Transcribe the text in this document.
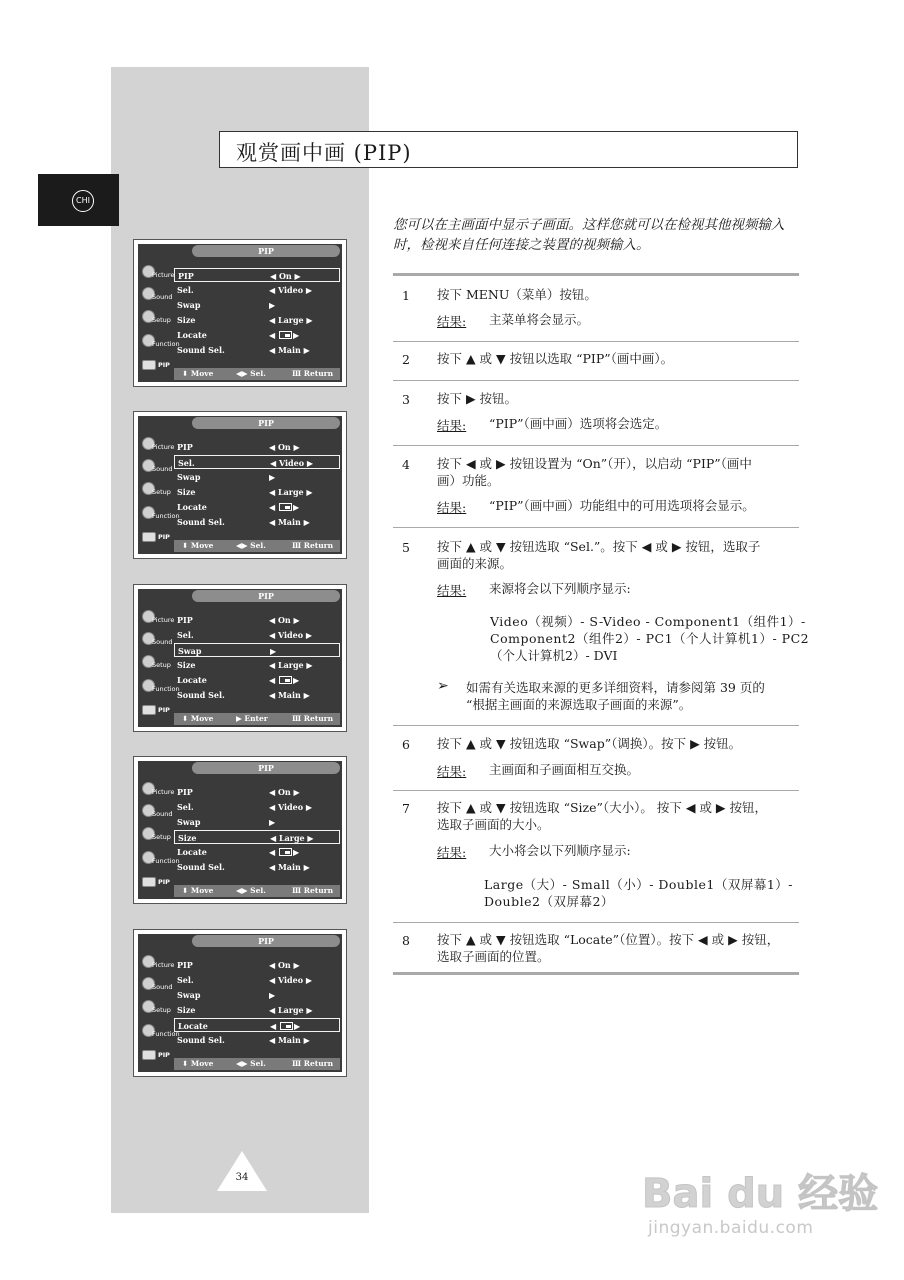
CHI
观赏画中画 (PIP)
PIP
Picture
Sound
Setup
Function
PIP
PIP	◀ On ▶
Sel.	◀ Video ▶
Swap	▶
Size	◀ Large ▶
Locate	◀ ▶
Sound Sel.	◀ Main ▶
⬍ Move	◀▶ Sel.	Ⅲ Return
PIP
Picture
Sound
Setup
Function
PIP
PIP	◀ On ▶
Sel.	◀ Video ▶
Swap	▶
Size	◀ Large ▶
Locate	◀ ▶
Sound Sel.	◀ Main ▶
⬍ Move	◀▶ Sel.	Ⅲ Return
PIP
Picture
Sound
Setup
Function
PIP
PIP	◀ On ▶
Sel.	◀ Video ▶
Swap	▶
Size	◀ Large ▶
Locate	◀ ▶
Sound Sel.	◀ Main ▶
⬍ Move	▶ Enter	Ⅲ Return
PIP
Picture
Sound
Setup
Function
PIP
PIP	◀ On ▶
Sel.	◀ Video ▶
Swap	▶
Size	◀ Large ▶
Locate	◀ ▶
Sound Sel.	◀ Main ▶
⬍ Move	◀▶ Sel.	Ⅲ Return
PIP
Picture
Sound
Setup
Function
PIP
PIP	◀ On ▶
Sel.	◀ Video ▶
Swap	▶
Size	◀ Large ▶
Locate	◀ ▶
Sound Sel.	◀ Main ▶
⬍ Move	◀▶ Sel.	Ⅲ Return
您可以在主画面中显示子画面。这样您就可以在检视其他视频输入时，检视来自任何连接之装置的视频输入。
1 按下 MENU（菜单）按钮。
结果: 主菜单将会显示。
2 按下 ▲ 或 ▼ 按钮以选取 “PIP”（画中画）。
3 按下 ▶ 按钮。
结果: “PIP”（画中画）选项将会选定。
4 按下 ◀ 或 ▶ 按钮设置为 “On”（开），以启动 “PIP”（画中
画）功能。
结果: “PIP”（画中画）功能组中的可用选项将会显示。
5 按下 ▲ 或 ▼ 按钮选取 “Sel.”。按下 ◀ 或 ▶ 按钮，选取子
画面的来源。
结果: 来源将会以下列顺序显示:
Video（视频）- S-Video - Component1（组件1）-
Component2（组件2）- PC1（个人计算机1）- PC2
（个人计算机2）- DVI
➢ 如需有关选取来源的更多详细资料，请参阅第 39 页的
“根据主画面的来源选取子画面的来源”。
6 按下 ▲ 或 ▼ 按钮选取 “Swap”（调换）。按下 ▶ 按钮。
结果: 主画面和子画面相互交换。
7 按下 ▲ 或 ▼ 按钮选取 “Size”（大小）。 按下 ◀ 或 ▶ 按钮，
选取子画面的大小。
结果: 大小将会以下列顺序显示:
Large（大）- Small（小）- Double1（双屏幕1）-
Double2（双屏幕2）
8 按下 ▲ 或 ▼ 按钮选取 “Locate”（位置）。按下 ◀ 或 ▶ 按钮，
选取子画面的位置。
34	Bai du 经验
jingyan.baidu.com
